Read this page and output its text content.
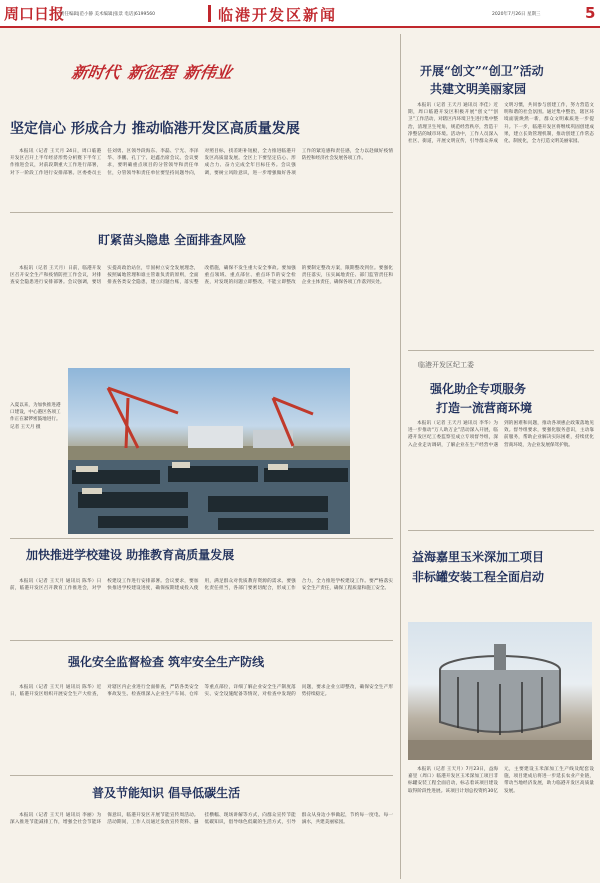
周口日报
责任编辑|范小静 美术编辑|张景 电话|6199560	临港开发区新闻	2020年7月26日 星期三	5
新时代 新征程 新伟业
坚定信心 形成合力 推动临港开发区高质量发展

本报讯（记者 王天月 24日，周口临港开发区召开上半年经济形势分析暨下半年工作推进会议，对前段期重大工作进行部署，对下一阶段工作进行安排部署。区委委员主任刘勇、区领导段海东、李磊、宁光、李泽华、李鹏、孔丁宁、赵鑫出席会议。会议要求，要明确重点项目的分管领导和责任单位，分管领导和责任单位要坚持问题导向，对照目标，找差距补短板，全力推进临港开发区高质量发展。全区上下要坚定信心、形成合力、奋力完成全年目标任务。会议强调，要树立风险意识，进一步增强做好各项工作的紧迫感和责任感，全力以赴做好疫情防控和经济社会发展各项工作。

盯紧苗头隐患 全面排查风险

本报讯（记者 王天月）日前，临港开发区召开安全生产和疫情防控工作会议，对排查安全隐患进行安排部署。会议强调，要切实提高政治站位，牢固树立安全发展理念，按照属地管理和谁主管谁负责的原则，全面排查各类安全隐患，建立问题台账，落实整改措施，确保不发生重大安全事故。要加强重点领域、重点部位、重点环节的安全检查，对发现的问题立即整改，不能立即整改的要制定整改方案，限期整改到位。要强化责任落实，压实属地责任、部门监管责任和企业主体责任，确保各项工作落到实处。

入夏以来，为加快推进港口建设，中心港区各项工作正在紧锣密鼓地进行。记者 王天月 摄
加快推进学校建设 助推教育高质量发展

本报讯（记者 王天月 通讯员 陈华）日前，临港开发区召开教育工作推进会，对学校建设工作进行安排部署。会议要求，要加快推进学校建设进度，确保按期建成投入使用，满足群众对优质教育资源的需求。要强化责任担当，各部门要密切配合，形成工作合力，全力推进学校建设工作。要严格落实安全生产责任，确保工程质量和施工安全。

强化安全监督检查 筑牢安全生产防线

本报讯（记者 王天月 通讯员 陈华）近日，临港开发区组织开展安全生产大检查，对辖区内企业进行全面排查，严防各类安全事故发生。检查组深入企业生产车间、仓库等重点部位，详细了解企业安全生产制度落实、安全设施配备等情况，对检查中发现的问题，要求企业立即整改，确保安全生产形势持续稳定。

普及节能知识 倡导低碳生活

本报讯（记者 王天月 通讯员 李丽）为深入推进节能减排工作，增强全社会节能环保意识，临港开发区开展节能宣传周活动。活动期间，工作人员通过发放宣传资料、悬挂横幅、现场讲解等方式，向群众宣传节能低碳知识，倡导绿色低碳的生活方式，引导群众从身边小事做起，节约每一度电、每一滴水，共建美丽家园。

开展“创文”“创卫”活动
共建文明美丽家园

本报讯（记者 王天月 通讯员 李佳）近期，周口临港开发区积极开展“创文”“创卫”工作活动，对辖区内环境卫生进行集中整治，清理卫生死角，规范经营秩序，营造干净整洁的城市环境。活动中，工作人员深入社区、街道，开展文明宣传，引导群众养成文明习惯，共同参与创建工作，努力营造文明和谐的社会氛围。通过集中整治，辖区环境面貌焕然一新，群众文明素质进一步提升。下一步，临港开发区将继续巩固创建成果，建立长效管理机制，推动创建工作常态化、制度化，全力打造文明美丽家园。

临港开发区纪工委
强化助企专项服务
打造一流营商环境

本报讯（记者 王天月 通讯员 李华）为进一步推动“万人助万企”活动深入开展，临港开发区纪工委监察室成立专项督导组，深入企业走访调研，了解企业在生产经营中遇到的困难和问题，推动各项惠企政策落地见效。督导组要求，要强化服务意识，主动靠前服务，帮助企业解决实际困难，持续优化营商环境，为企业发展保驾护航。

益海嘉里玉米深加工项目
非标罐安装工程全面启动

本报讯（记者 王天月）7月23日，益海嘉里（周口）临港开发区玉米深加工项目非标罐安装工程全面启动，标志着该项目建设取得阶段性进展。该项目计划总投资约30亿元，主要建设玉米深加工生产线及配套设施，项目建成后将进一步延长农业产业链，带动当地经济发展，助力临港开发区高质量发展。
